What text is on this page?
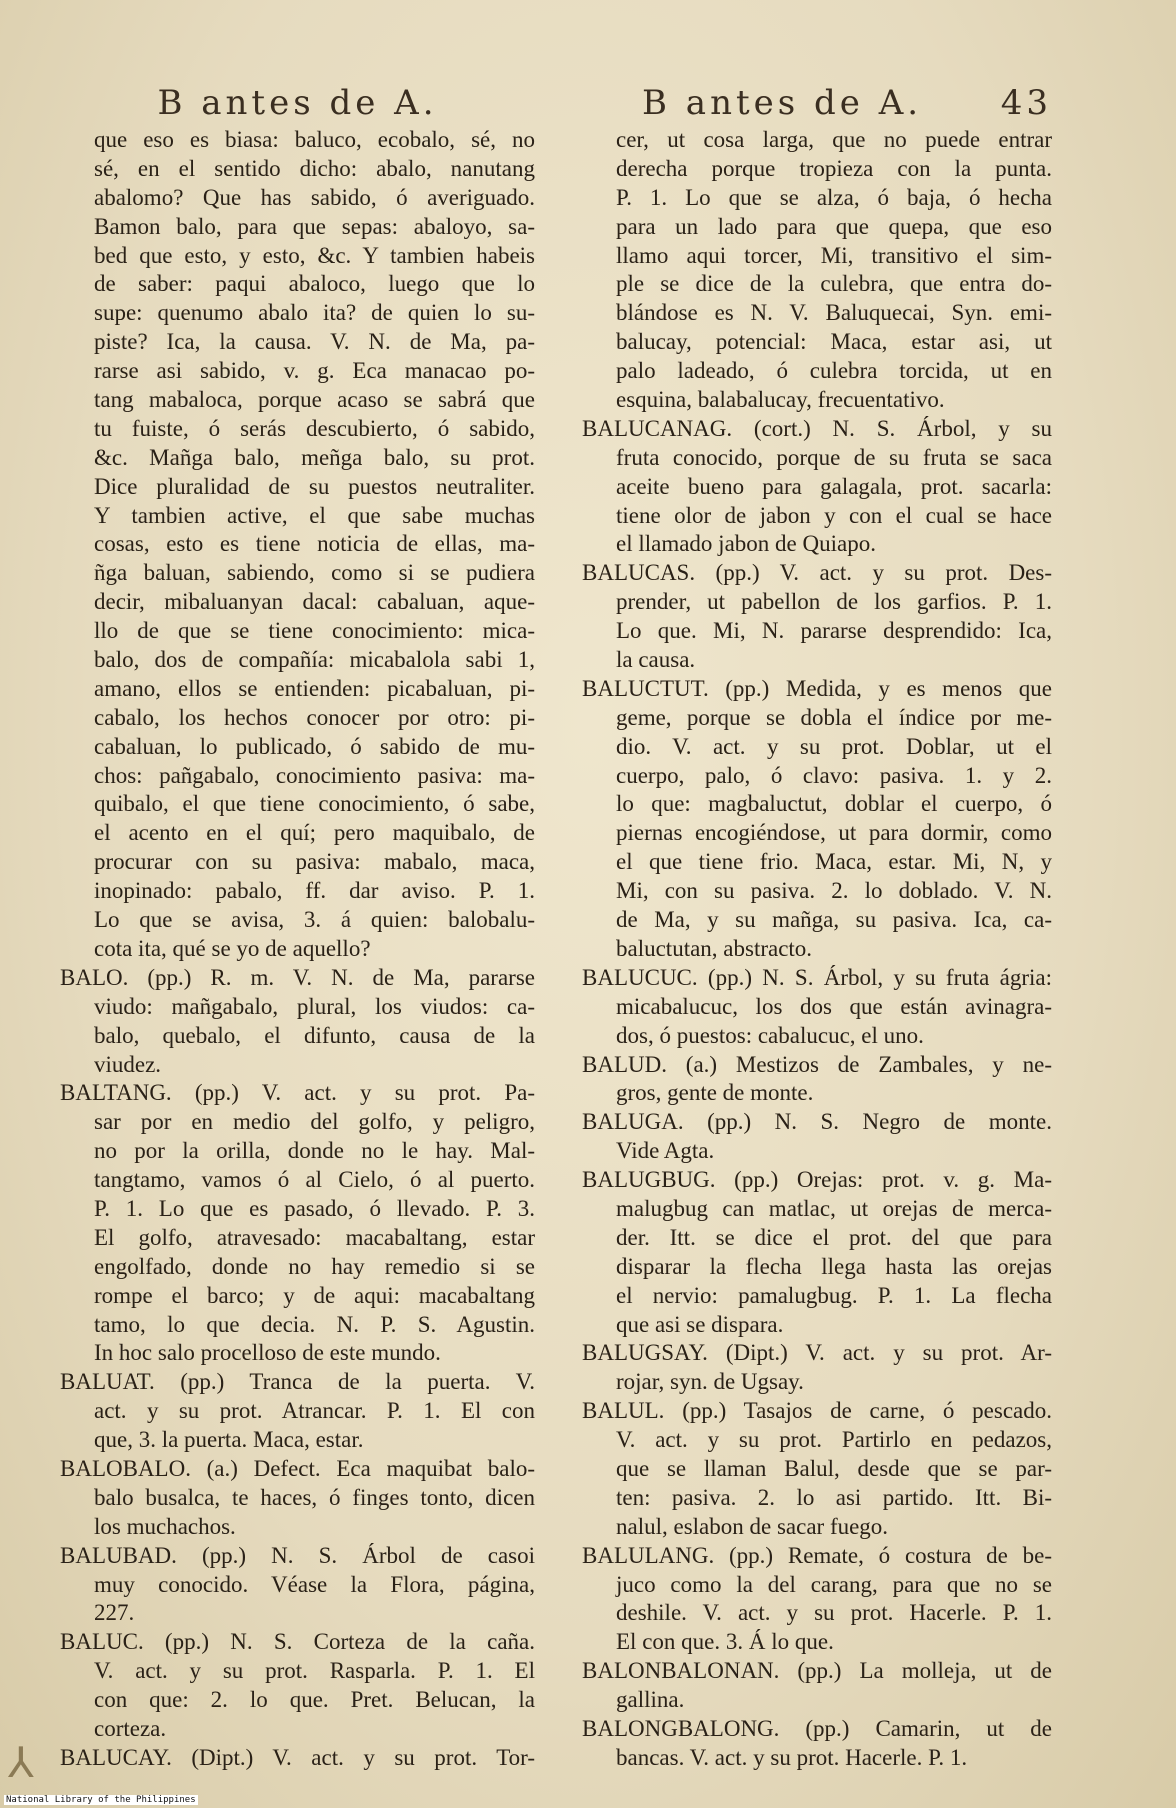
B antes de A.
que eso es biasa: baluco, ecobalo, sé, no
sé, en el sentido dicho: abalo, nanutang
abalomo? Que has sabido, ó averiguado.
Bamon balo, para que sepas: abaloyo, sa-
bed que esto, y esto, &c. Y tambien habeis
de saber: paqui abaloco, luego que lo
supe: quenumo abalo ita? de quien lo su-
piste? Ica, la causa. V. N. de Ma, pa-
rarse asi sabido, v. g. Eca manacao po-
tang mabaloca, porque acaso se sabrá que
tu fuiste, ó serás descubierto, ó sabido,
&c. Mañga balo, meñga balo, su prot.
Dice pluralidad de su puestos neutraliter.
Y tambien active, el que sabe muchas
cosas, esto es tiene noticia de ellas, ma-
ñga baluan, sabiendo, como si se pudiera
decir, mibaluanyan dacal: cabaluan, aque-
llo de que se tiene conocimiento: mica-
balo, dos de compañía: micabalola sabi 1,
amano, ellos se entienden: picabaluan, pi-
cabalo, los hechos conocer por otro: pi-
cabaluan, lo publicado, ó sabido de mu-
chos: pañgabalo, conocimiento pasiva: ma-
quibalo, el que tiene conocimiento, ó sabe,
el acento en el quí; pero maquibalo, de
procurar con su pasiva: mabalo, maca,
inopinado: pabalo, ff. dar aviso. P. 1.
Lo que se avisa, 3. á quien: balobalu-
cota ita, qué se yo de aquello?
BALO. (pp.) R. m. V. N. de Ma, pararse
viudo: mañgabalo, plural, los viudos: ca-
balo, quebalo, el difunto, causa de la
viudez.
BALTANG. (pp.) V. act. y su prot. Pa-
sar por en medio del golfo, y peligro,
no por la orilla, donde no le hay. Mal-
tangtamo, vamos ó al Cielo, ó al puerto.
P. 1. Lo que es pasado, ó llevado. P. 3.
El golfo, atravesado: macabaltang, estar
engolfado, donde no hay remedio si se
rompe el barco; y de aqui: macabaltang
tamo, lo que decia. N. P. S. Agustin.
In hoc salo procelloso de este mundo.
BALUAT. (pp.) Tranca de la puerta. V.
act. y su prot. Atrancar. P. 1. El con
que, 3. la puerta. Maca, estar.
BALOBALO. (a.) Defect. Eca maquibat balo-
balo busalca, te haces, ó finges tonto, dicen
los muchachos.
BALUBAD. (pp.) N. S. Árbol de casoi
muy conocido. Véase la Flora, página,
227.
BALUC. (pp.) N. S. Corteza de la caña.
V. act. y su prot. Rasparla. P. 1. El
con que: 2. lo que. Pret. Belucan, la
corteza.
BALUCAY. (Dipt.) V. act. y su prot. Tor-
B antes de A. 43
cer, ut cosa larga, que no puede entrar
derecha porque tropieza con la punta.
P. 1. Lo que se alza, ó baja, ó hecha
para un lado para que quepa, que eso
llamo aqui torcer, Mi, transitivo el sim-
ple se dice de la culebra, que entra do-
blándose es N. V. Baluquecai, Syn. emi-
balucay, potencial: Maca, estar asi, ut
palo ladeado, ó culebra torcida, ut en
esquina, balabalucay, frecuentativo.
BALUCANAG. (cort.) N. S. Árbol, y su
fruta conocido, porque de su fruta se saca
aceite bueno para galagala, prot. sacarla:
tiene olor de jabon y con el cual se hace
el llamado jabon de Quiapo.
BALUCAS. (pp.) V. act. y su prot. Des-
prender, ut pabellon de los garfios. P. 1.
Lo que. Mi, N. pararse desprendido: Ica,
la causa.
BALUCTUT. (pp.) Medida, y es menos que
geme, porque se dobla el índice por me-
dio. V. act. y su prot. Doblar, ut el
cuerpo, palo, ó clavo: pasiva. 1. y 2.
lo que: magbaluctut, doblar el cuerpo, ó
piernas encogiéndose, ut para dormir, como
el que tiene frio. Maca, estar. Mi, N, y
Mi, con su pasiva. 2. lo doblado. V. N.
de Ma, y su mañga, su pasiva. Ica, ca-
baluctutan, abstracto.
BALUCUC. (pp.) N. S. Árbol, y su fruta ágria:
micabalucuc, los dos que están avinagra-
dos, ó puestos: cabalucuc, el uno.
BALUD. (a.) Mestizos de Zambales, y ne-
gros, gente de monte.
BALUGA. (pp.) N. S. Negro de monte.
Vide Agta.
BALUGBUG. (pp.) Orejas: prot. v. g. Ma-
malugbug can matlac, ut orejas de merca-
der. Itt. se dice el prot. del que para
disparar la flecha llega hasta las orejas
el nervio: pamalugbug. P. 1. La flecha
que asi se dispara.
BALUGSAY. (Dipt.) V. act. y su prot. Ar-
rojar, syn. de Ugsay.
BALUL. (pp.) Tasajos de carne, ó pescado.
V. act. y su prot. Partirlo en pedazos,
que se llaman Balul, desde que se par-
ten: pasiva. 2. lo asi partido. Itt. Bi-
nalul, eslabon de sacar fuego.
BALULANG. (pp.) Remate, ó costura de be-
juco como la del carang, para que no se
deshile. V. act. y su prot. Hacerle. P. 1.
El con que. 3. Á lo que.
BALONBALONAN. (pp.) La molleja, ut de
gallina.
BALONGBALONG. (pp.) Camarin, ut de
bancas. V. act. y su prot. Hacerle. P. 1.
⅄
National Library of the Philippines
